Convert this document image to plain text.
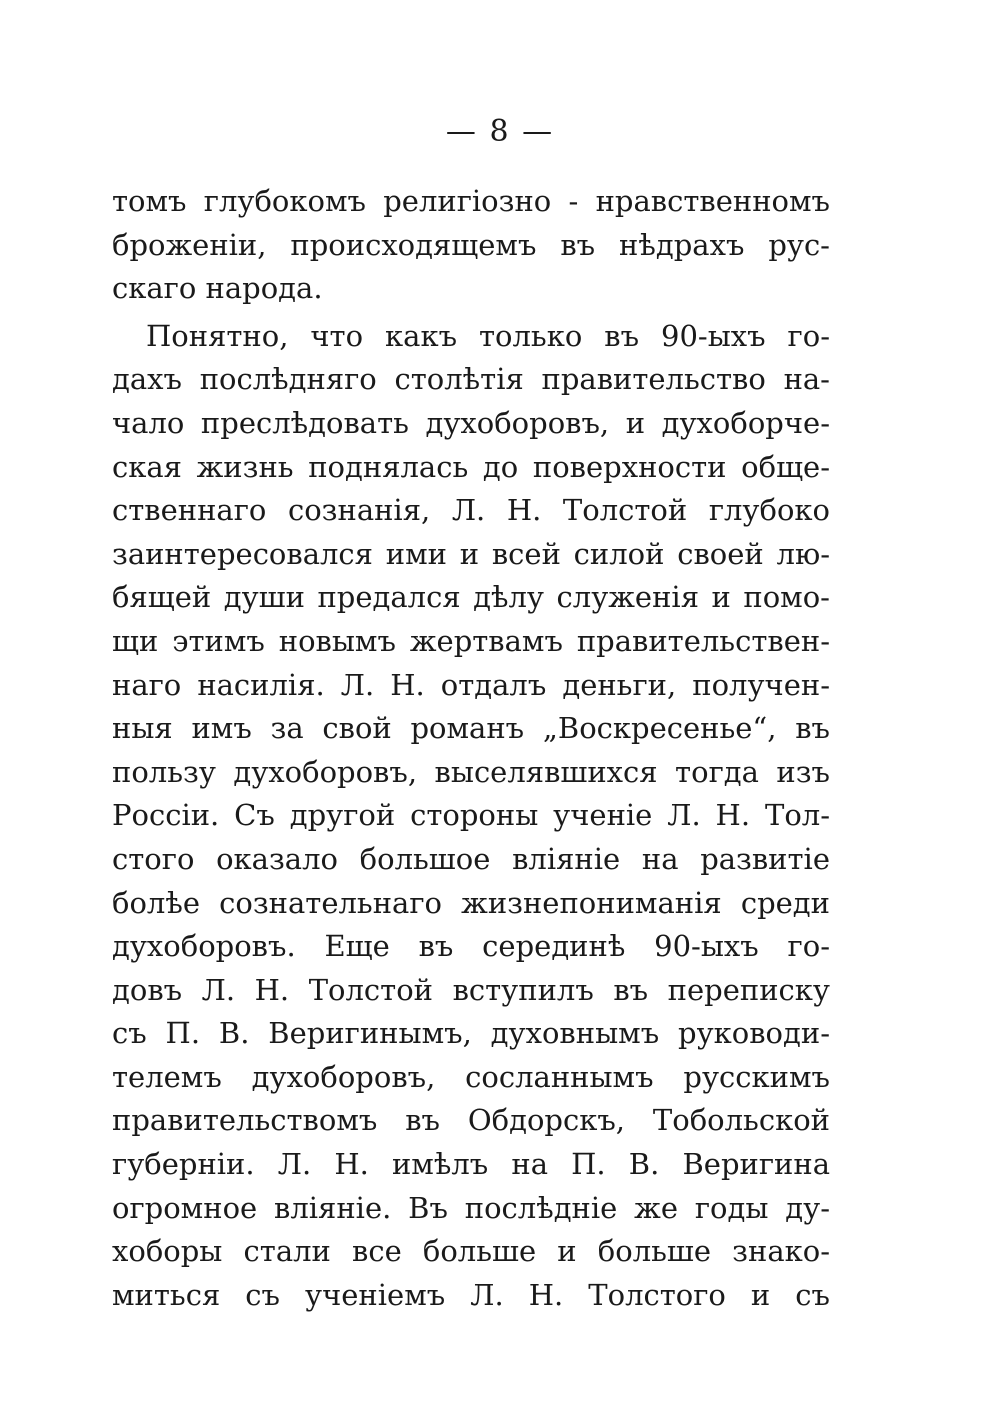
— 8 —
томъ глубокомъ религіозно - нравственномъ
броженіи, происходящемъ въ нѣдрахъ рус-
скаго народа.
Понятно, что какъ только въ 90-ыхъ го-
дахъ послѣдняго столѣтія правительство на-
чало преслѣдовать духоборовъ, и духоборче-
ская жизнь поднялась до поверхности обще-
ственнаго сознанія, Л. Н. Толстой глубоко
заинтересовался ими и всей силой своей лю-
бящей души предался дѣлу служенія и помо-
щи этимъ новымъ жертвамъ правительствен-
наго насилія. Л. Н. отдалъ деньги, получен-
ныя имъ за свой романъ „Воскресенье“, въ
пользу духоборовъ, выселявшихся тогда изъ
Россіи. Съ другой стороны ученіе Л. Н. Тол-
стого оказало большое вліяніе на развитіе
болѣе сознательнаго жизнепониманія среди
духоборовъ. Еще въ серединѣ 90-ыхъ го-
довъ Л. Н. Толстой вступилъ въ переписку
съ П. В. Веригинымъ, духовнымъ руководи-
телемъ духоборовъ, сосланнымъ русскимъ
правительствомъ въ Обдорскъ, Тобольской
губерніи. Л. Н. имѣлъ на П. В. Веригина
огромное вліяніе. Въ послѣдніе же годы ду-
хоборы стали все больше и больше знако-
миться съ ученіемъ Л. Н. Толстого и съ
